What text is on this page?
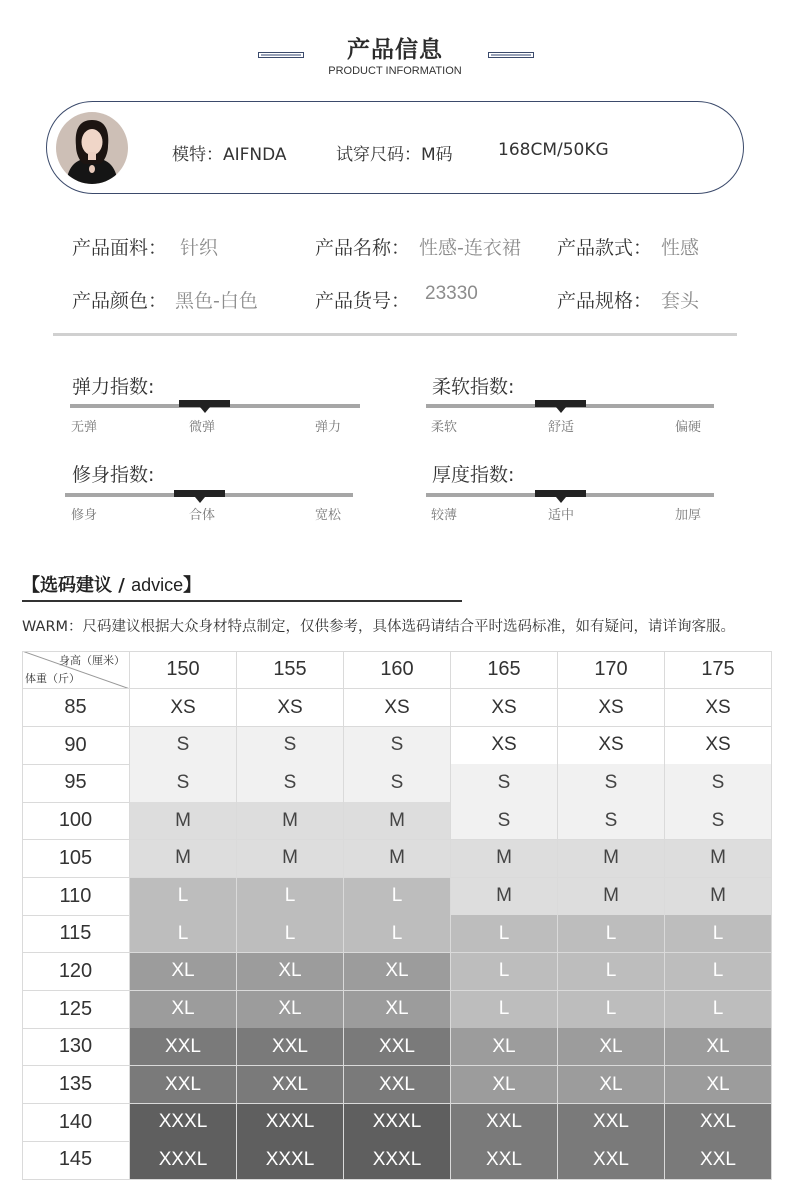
产品信息
PRODUCT INFORMATION
模特：AIFNDA	试穿尺码：M码	168CM/50KG
产品面料： 针织	产品名称： 性感-连衣裙 产品款式： 性感
产品颜色： 黑色-白色	产品货号： 23330	产品规格： 套头
弹力指数:
无弹	微弹	弹力
柔软指数:
柔软	舒适	偏硬
修身指数:
修身	合体	宽松
厚度指数:
较薄	适中	加厚
【选码建议 / advice】
WARM：尺码建议根据大众身材特点制定，仅供参考，具体选码请结合平时选码标准，如有疑问，请详询客服。
身高（厘米）
体重（斤）	150	155	160	165	170	175
85	XS	XS	XS	XS	XS	XS
90	S	S	S	XS	XS	XS
95	S	S	S	S	S	S
100	M	M	M	S	S	S
105	M	M	M	M	M	M
110	L	L	L	M	M	M
115	L	L	L	L	L	L
120	XL	XL	XL	L	L	L
125	XL	XL	XL	L	L	L
130	XXL	XXL	XXL	XL	XL	XL
135	XXL	XXL	XXL	XL	XL	XL
140	XXXL	XXXL	XXXL	XXL	XXL	XXL
145	XXXL	XXXL	XXXL	XXL	XXL	XXL
